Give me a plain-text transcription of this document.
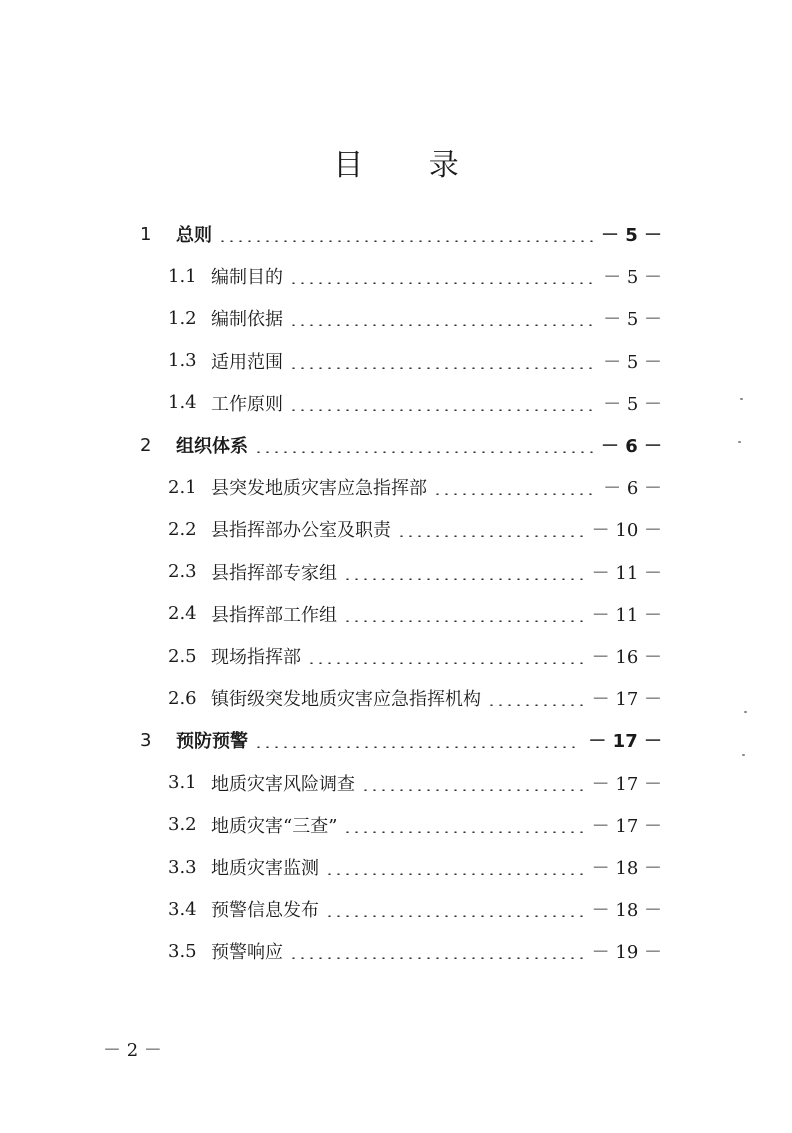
目 录
1 总则	－ 5 －
1.1 编制目的	－ 5 －
1.2 编制依据	－ 5 －
1.3 适用范围	－ 5 －
1.4 工作原则	－ 5 －
2 组织体系	－ 6 －
2.1 县突发地质灾害应急指挥部	－ 6 －
2.2 县指挥部办公室及职责	－ 10 －
2.3 县指挥部专家组	－ 11 －
2.4 县指挥部工作组	－ 11 －
2.5 现场指挥部	－ 16 －
2.6 镇街级突发地质灾害应急指挥机构	－ 17 －
3 预防预警	－ 17 －
3.1 地质灾害风险调查	－ 17 －
3.2 地质灾害“三查”	－ 17 －
3.3 地质灾害监测	－ 18 －
3.4 预警信息发布	－ 18 －
3.5 预警响应	－ 19 －
－ 2 －
